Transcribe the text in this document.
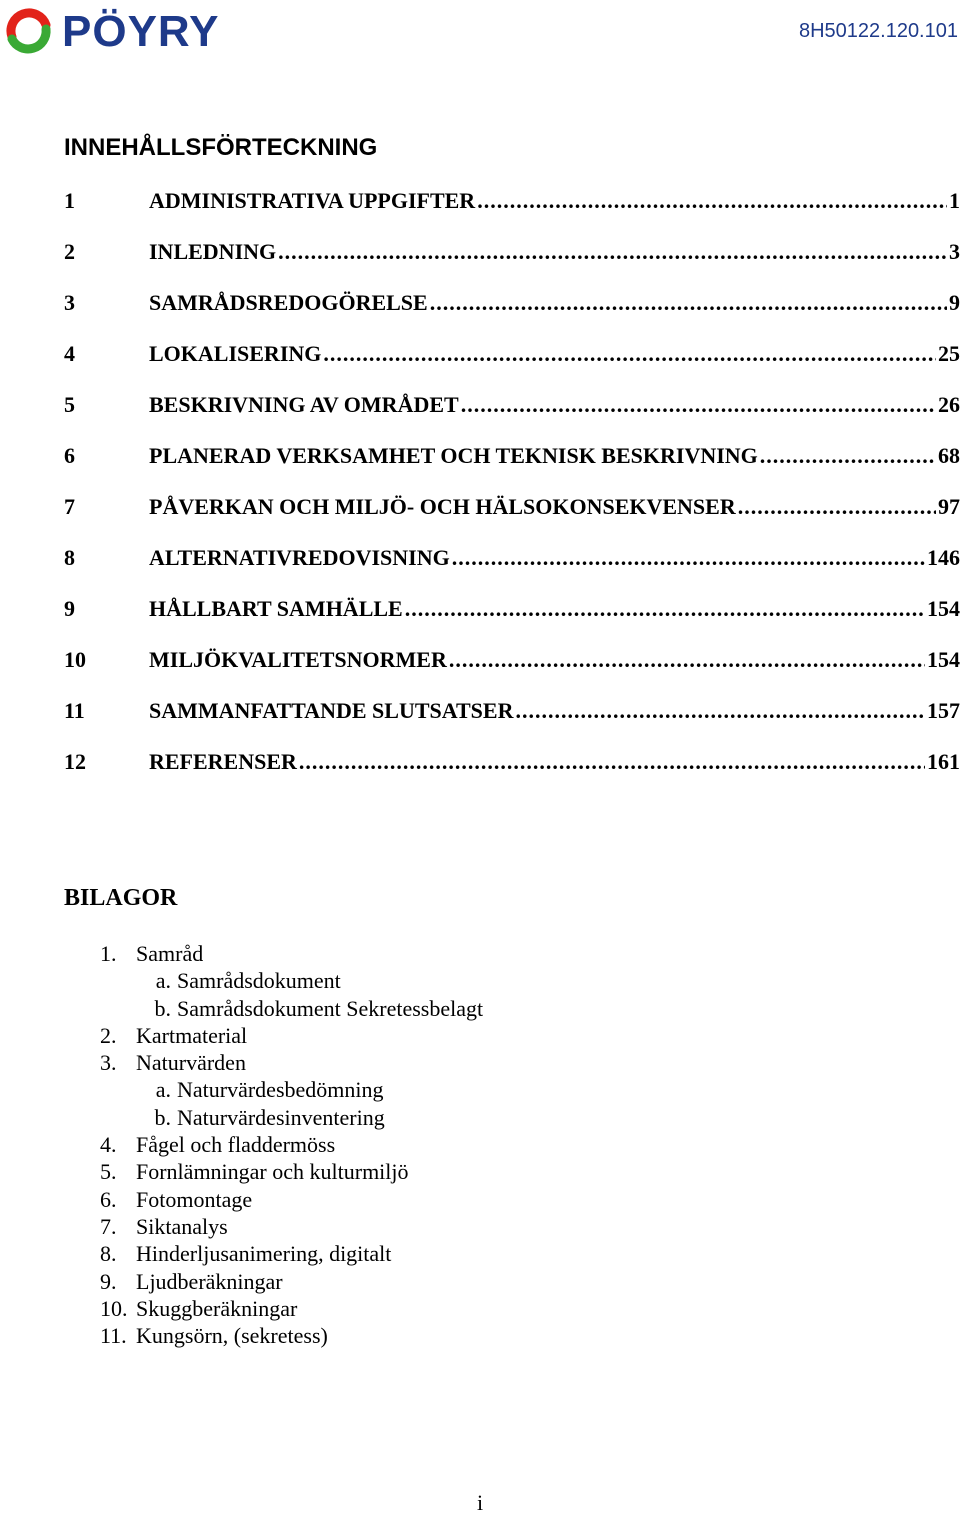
PÖYRY	8H50122.120.101
INNEHÅLLSFÖRTECKNING
1	ADMINISTRATIVA UPPGIFTER .....	1
2	INLEDNING .....	3
3	SAMRÅDSREDOGÖRELSE .....	9
4	LOKALISERING .....	25
5	BESKRIVNING AV OMRÅDET .....	26
6	PLANERAD VERKSAMHET OCH TEKNISK BESKRIVNING .....	68
7	PÅVERKAN OCH MILJÖ- OCH HÄLSOKONSEKVENSER .....	97
8	ALTERNATIVREDOVISNING .....	146
9	HÅLLBART SAMHÄLLE .....	154
10	MILJÖKVALITETSNORMER .....	154
11	SAMMANFATTANDE SLUTSATSER .....	157
12	REFERENSER .....	161
BILAGOR
1. Samråd
a. Samrådsdokument
b. Samrådsdokument Sekretessbelagt
2. Kartmaterial
3. Naturvärden
a. Naturvärdesbedömning
b. Naturvärdesinventering
4. Fågel och fladdermöss
5. Fornlämningar och kulturmiljö
6. Fotomontage
7. Siktanalys
8. Hinderljusanimering, digitalt
9. Ljudberäkningar
10. Skuggberäkningar
11. Kungsörn, (sekretess)
i
